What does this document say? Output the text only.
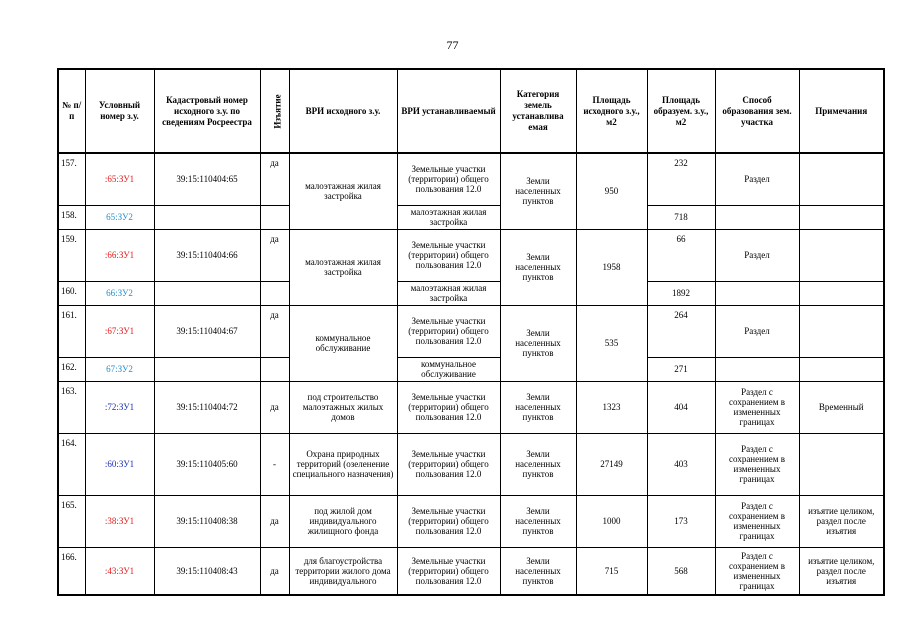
77
№ п/п	Условный номер з.у.	Кадастровый номер исходного з.у. по сведениям Росреестра	Изъятие	ВРИ исходного з.у.	ВРИ устанавливаемый	Категория земель устанавлива емая	Площадь исходного з.у., м2	Площадь образуем. з.у., м2	Способ образования зем. участка	Примечания
157.	:65:ЗУ1	39:15:110404:65	да	малоэтажная жилая застройка	Земельные участки (территории) общего пользования 12.0	Земли населенных пунктов	950	232	Раздел	
158.	65:ЗУ2				малоэтажная жилая застройка			718		
159.	:66:ЗУ1	39:15:110404:66	да	малоэтажная жилая застройка	Земельные участки (территории) общего пользования 12.0	Земли населенных пунктов	1958	66	Раздел	
160.	66:ЗУ2				малоэтажная жилая застройка			1892		
161.	:67:ЗУ1	39:15:110404:67	да	коммунальное обслуживание	Земельные участки (территории) общего пользования 12.0	Земли населенных пунктов	535	264	Раздел	
162.	67:ЗУ2				коммунальное обслуживание			271		
163.	:72:ЗУ1	39:15:110404:72	да	под строительство малоэтажных жилых домов	Земельные участки (территории) общего пользования 12.0	Земли населенных пунктов	1323	404	Раздел с сохранением в измененных границах	Временный
164.	:60:ЗУ1	39:15:110405:60	-	Охрана природных территорий (озеленение специального назначения)	Земельные участки (территории) общего пользования 12.0	Земли населенных пунктов	27149	403	Раздел с сохранением в измененных границах	
165.	:38:ЗУ1	39:15:110408:38	да	под жилой дом индивидуального жилищного фонда	Земельные участки (территории) общего пользования 12.0	Земли населенных пунктов	1000	173	Раздел с сохранением в измененных границах	изъятие целиком, раздел после изъятия
166.	:43:ЗУ1	39:15:110408:43	да	для благоустройства территории жилого дома индивидуального	Земельные участки (территории) общего пользования 12.0	Земли населенных пунктов	715	568	Раздел с сохранением в измененных границах	изъятие целиком, раздел после изъятия
